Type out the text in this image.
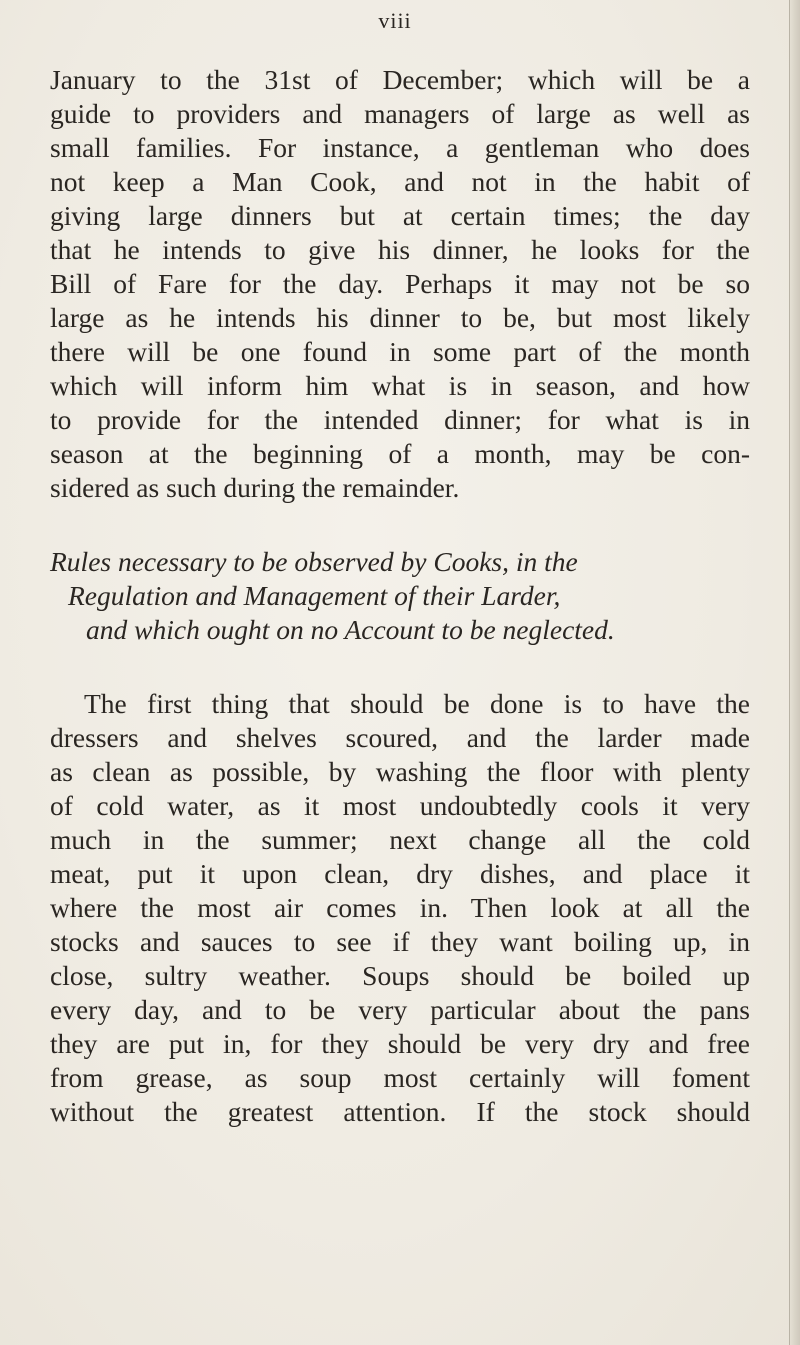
viii
January to the 31st of December; which will be a
guide to providers and managers of large as well as
small families. For instance, a gentleman who does
not keep a Man Cook, and not in the habit of
giving large dinners but at certain times; the day
that he intends to give his dinner, he looks for the
Bill of Fare for the day. Perhaps it may not be so
large as he intends his dinner to be, but most likely
there will be one found in some part of the month
which will inform him what is in season, and how
to provide for the intended dinner; for what is in
season at the beginning of a month, may be con-
sidered as such during the remainder.
Rules necessary to be observed by Cooks, in the
Regulation and Management of their Larder,
and which ought on no Account to be neglected.
The first thing that should be done is to have the
dressers and shelves scoured, and the larder made
as clean as possible, by washing the floor with plenty
of cold water, as it most undoubtedly cools it very
much in the summer; next change all the cold
meat, put it upon clean, dry dishes, and place it
where the most air comes in. Then look at all the
stocks and sauces to see if they want boiling up, in
close, sultry weather. Soups should be boiled up
every day, and to be very particular about the pans
they are put in, for they should be very dry and free
from grease, as soup most certainly will foment
without the greatest attention. If the stock should
